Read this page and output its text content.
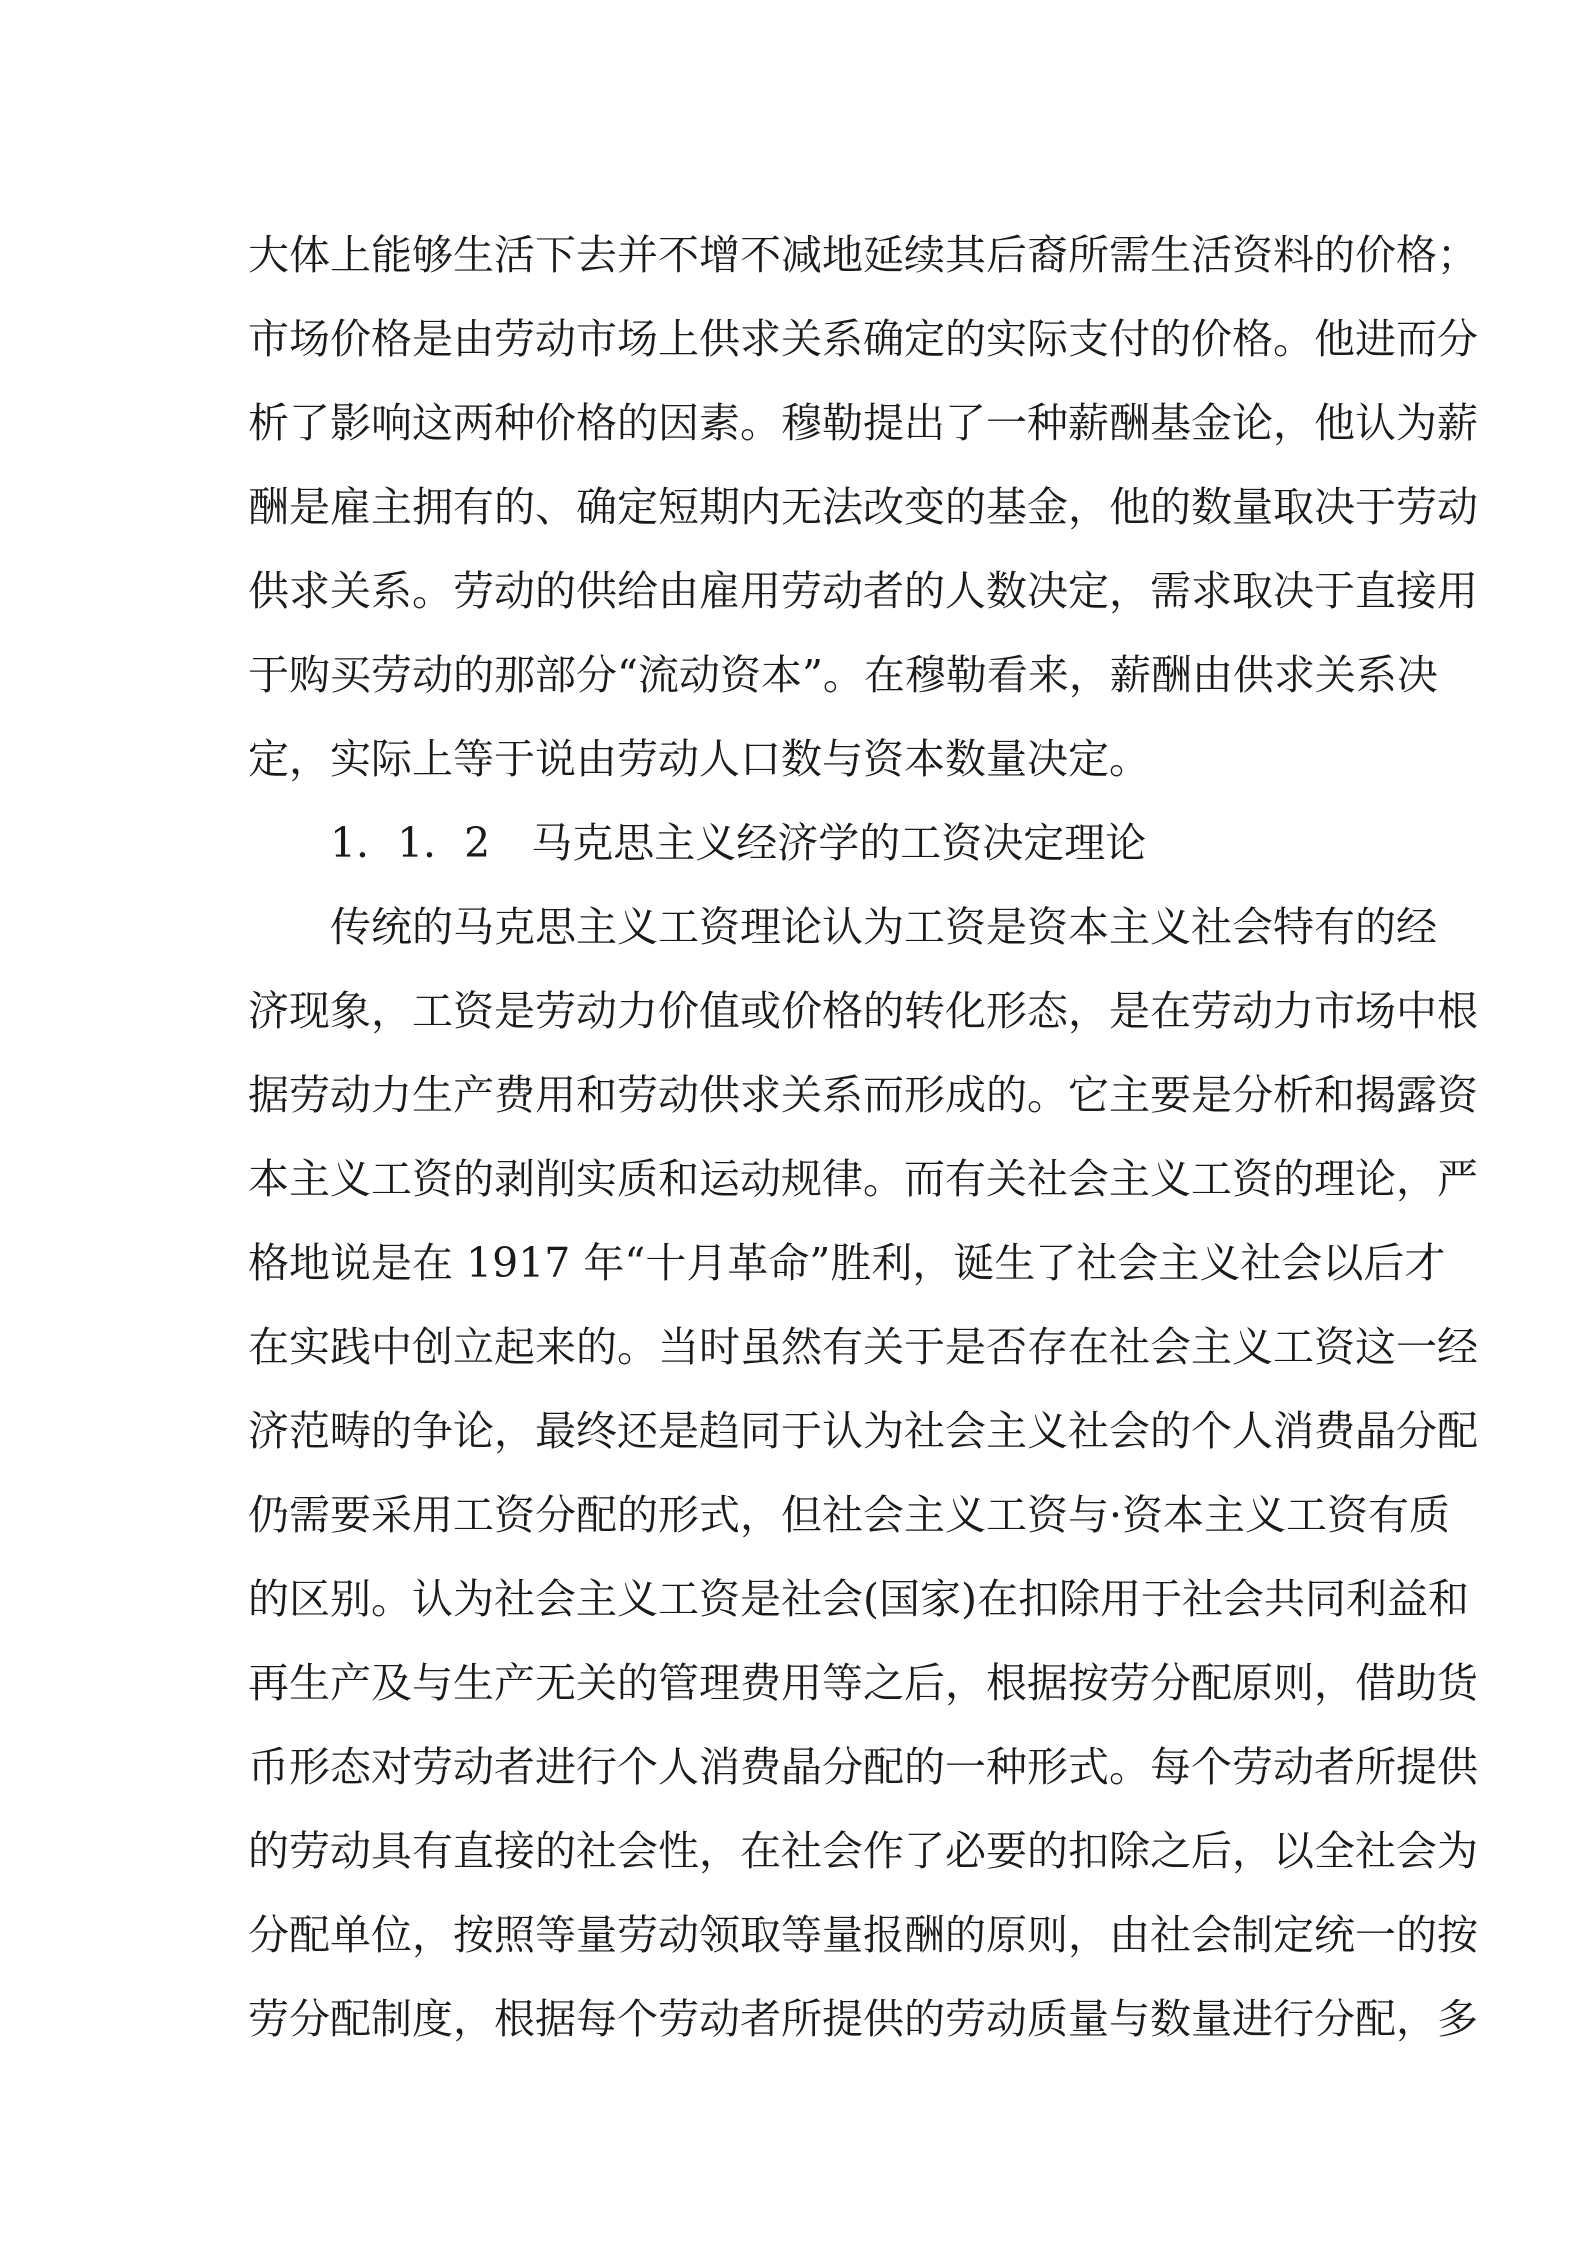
大体上能够生活下去并不增不减地延续其后裔所需生活资料的价格；
市场价格是由劳动市场上供求关系确定的实际支付的价格。他进而分
析了影响这两种价格的因素。穆勒提出了一种薪酬基金论，他认为薪
酬是雇主拥有的、确定短期内无法改变的基金，他的数量取决于劳动
供求关系。劳动的供给由雇用劳动者的人数决定，需求取决于直接用
于购买劳动的那部分“流动资本”。在穆勒看来，薪酬由供求关系决
定，实际上等于说由劳动人口数与资本数量决定。
1．1．2　马克思主义经济学的工资决定理论
传统的马克思主义工资理论认为工资是资本主义社会特有的经
济现象，工资是劳动力价值或价格的转化形态，是在劳动力市场中根
据劳动力生产费用和劳动供求关系而形成的。它主要是分析和揭露资
本主义工资的剥削实质和运动规律。而有关社会主义工资的理论，严
格地说是在 1917 年“十月革命”胜利，诞生了社会主义社会以后才
在实践中创立起来的。当时虽然有关于是否存在社会主义工资这一经
济范畴的争论，最终还是趋同于认为社会主义社会的个人消费晶分配
仍需要采用工资分配的形式，但社会主义工资与·资本主义工资有质
的区别。认为社会主义工资是社会(国家)在扣除用于社会共同利益和
再生产及与生产无关的管理费用等之后，根据按劳分配原则，借助货
币形态对劳动者进行个人消费晶分配的一种形式。每个劳动者所提供
的劳动具有直接的社会性，在社会作了必要的扣除之后，以全社会为
分配单位，按照等量劳动领取等量报酬的原则，由社会制定统一的按
劳分配制度，根据每个劳动者所提供的劳动质量与数量进行分配，多
